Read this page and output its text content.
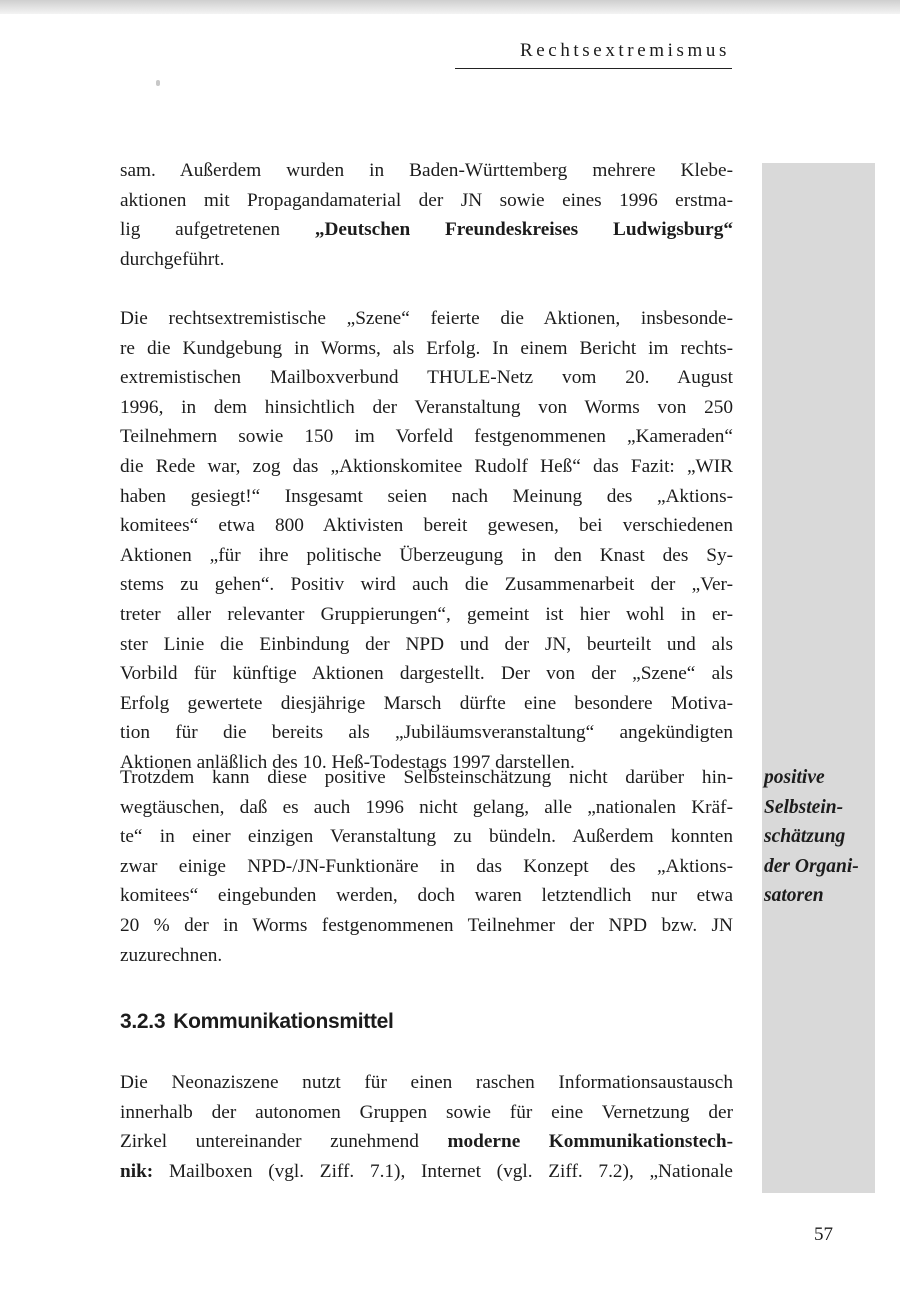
Rechtsextremismus

sam. Außerdem wurden in Baden-Württemberg mehrere Klebe-
aktionen mit Propagandamaterial der JN sowie eines 1996 erstma-
lig aufgetretenen „Deutschen Freundeskreises Ludwigsburg“
durchgeführt.

Die rechtsextremistische „Szene“ feierte die Aktionen, insbesonde-
re die Kundgebung in Worms, als Erfolg. In einem Bericht im rechts-
extremistischen Mailboxverbund THULE-Netz vom 20. August
1996, in dem hinsichtlich der Veranstaltung von Worms von 250
Teilnehmern sowie 150 im Vorfeld festgenommenen „Kameraden“
die Rede war, zog das „Aktionskomitee Rudolf Heß“ das Fazit: „WIR
haben gesiegt!“ Insgesamt seien nach Meinung des „Aktions-
komitees“ etwa 800 Aktivisten bereit gewesen, bei verschiedenen
Aktionen „für ihre politische Überzeugung in den Knast des Sy-
stems zu gehen“. Positiv wird auch die Zusammenarbeit der „Ver-
treter aller relevanter Gruppierungen“, gemeint ist hier wohl in er-
ster Linie die Einbindung der NPD und der JN, beurteilt und als
Vorbild für künftige Aktionen dargestellt. Der von der „Szene“ als
Erfolg gewertete diesjährige Marsch dürfte eine besondere Motiva-
tion für die bereits als „Jubiläumsveranstaltung“ angekündigten
Aktionen anläßlich des 10. Heß-Todestags 1997 darstellen.

Trotzdem kann diese positive Selbsteinschätzung nicht darüber hin-
wegtäuschen, daß es auch 1996 nicht gelang, alle „nationalen Kräf-
te“ in einer einzigen Veranstaltung zu bündeln. Außerdem konnten
zwar einige NPD-/JN-Funktionäre in das Konzept des „Aktions-
komitees“ eingebunden werden, doch waren letztendlich nur etwa
20 % der in Worms festgenommenen Teilnehmer der NPD bzw. JN
zuzurechnen.

positive
Selbstein-
schätzung
der Organi-
satoren
3.2.3 Kommunikationsmittel

Die Neonaziszene nutzt für einen raschen Informationsaustausch
innerhalb der autonomen Gruppen sowie für eine Vernetzung der
Zirkel untereinander zunehmend moderne Kommunikationstech-
nik: Mailboxen (vgl. Ziff. 7.1), Internet (vgl. Ziff. 7.2), „Nationale

57
